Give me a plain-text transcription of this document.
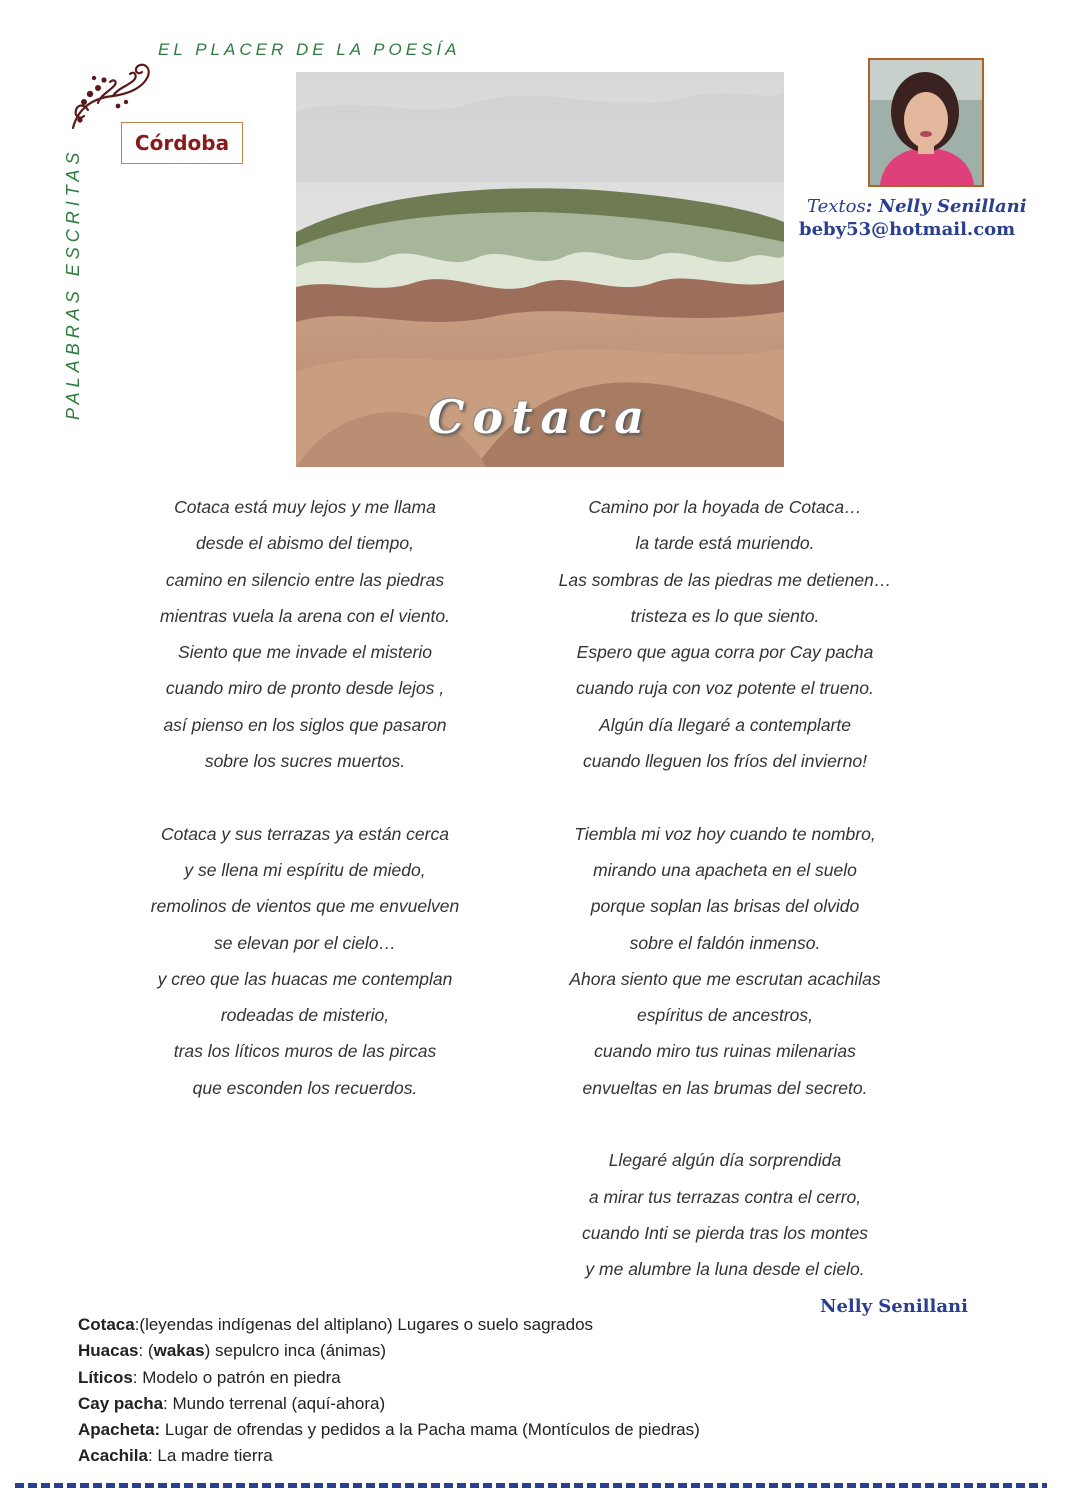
EL PLACER DE LA POESÍA
PALABRAS ESCRITAS
Córdoba
Cotaca
Textos: Nelly Senillani
beby53@hotmail.com
Cotaca está muy lejos y me llama
desde el abismo del tiempo,
camino en silencio entre las piedras
mientras vuela la arena con el viento.
Siento que me invade el misterio
cuando miro de pronto desde lejos ,
así pienso en los siglos que pasaron
sobre los sucres muertos.
Cotaca y sus terrazas ya están cerca
y se llena mi espíritu de miedo,
remolinos de vientos que me envuelven
se elevan por el cielo…
y creo que las huacas me contemplan
rodeadas de misterio,
tras los líticos muros de las pircas
que esconden los recuerdos.
Camino por la hoyada de Cotaca…
la tarde está muriendo.
Las sombras de las piedras me detienen…
tristeza es lo que siento.
Espero que agua corra por Cay pacha
cuando ruja con voz potente el trueno.
Algún día llegaré a contemplarte
cuando lleguen los fríos del invierno!
Tiembla mi voz hoy cuando te nombro,
mirando una apacheta en el suelo
porque soplan las brisas del olvido
sobre el faldón inmenso.
Ahora siento que me escrutan acachilas
espíritus de ancestros,
cuando miro tus ruinas milenarias
envueltas en las brumas del secreto.
Llegaré algún día sorprendida
a mirar tus terrazas contra el cerro,
cuando Inti se pierda tras los montes
y me alumbre la luna desde el cielo.
Nelly Senillani
Cotaca:(leyendas indígenas del altiplano) Lugares o suelo sagrados
Huacas: (wakas) sepulcro inca (ánimas)
Líticos: Modelo o patrón en piedra
Cay pacha: Mundo terrenal (aquí-ahora)
Apacheta: Lugar de ofrendas y pedidos a la Pacha mama (Montículos de piedras)
Acachila: La madre tierra
